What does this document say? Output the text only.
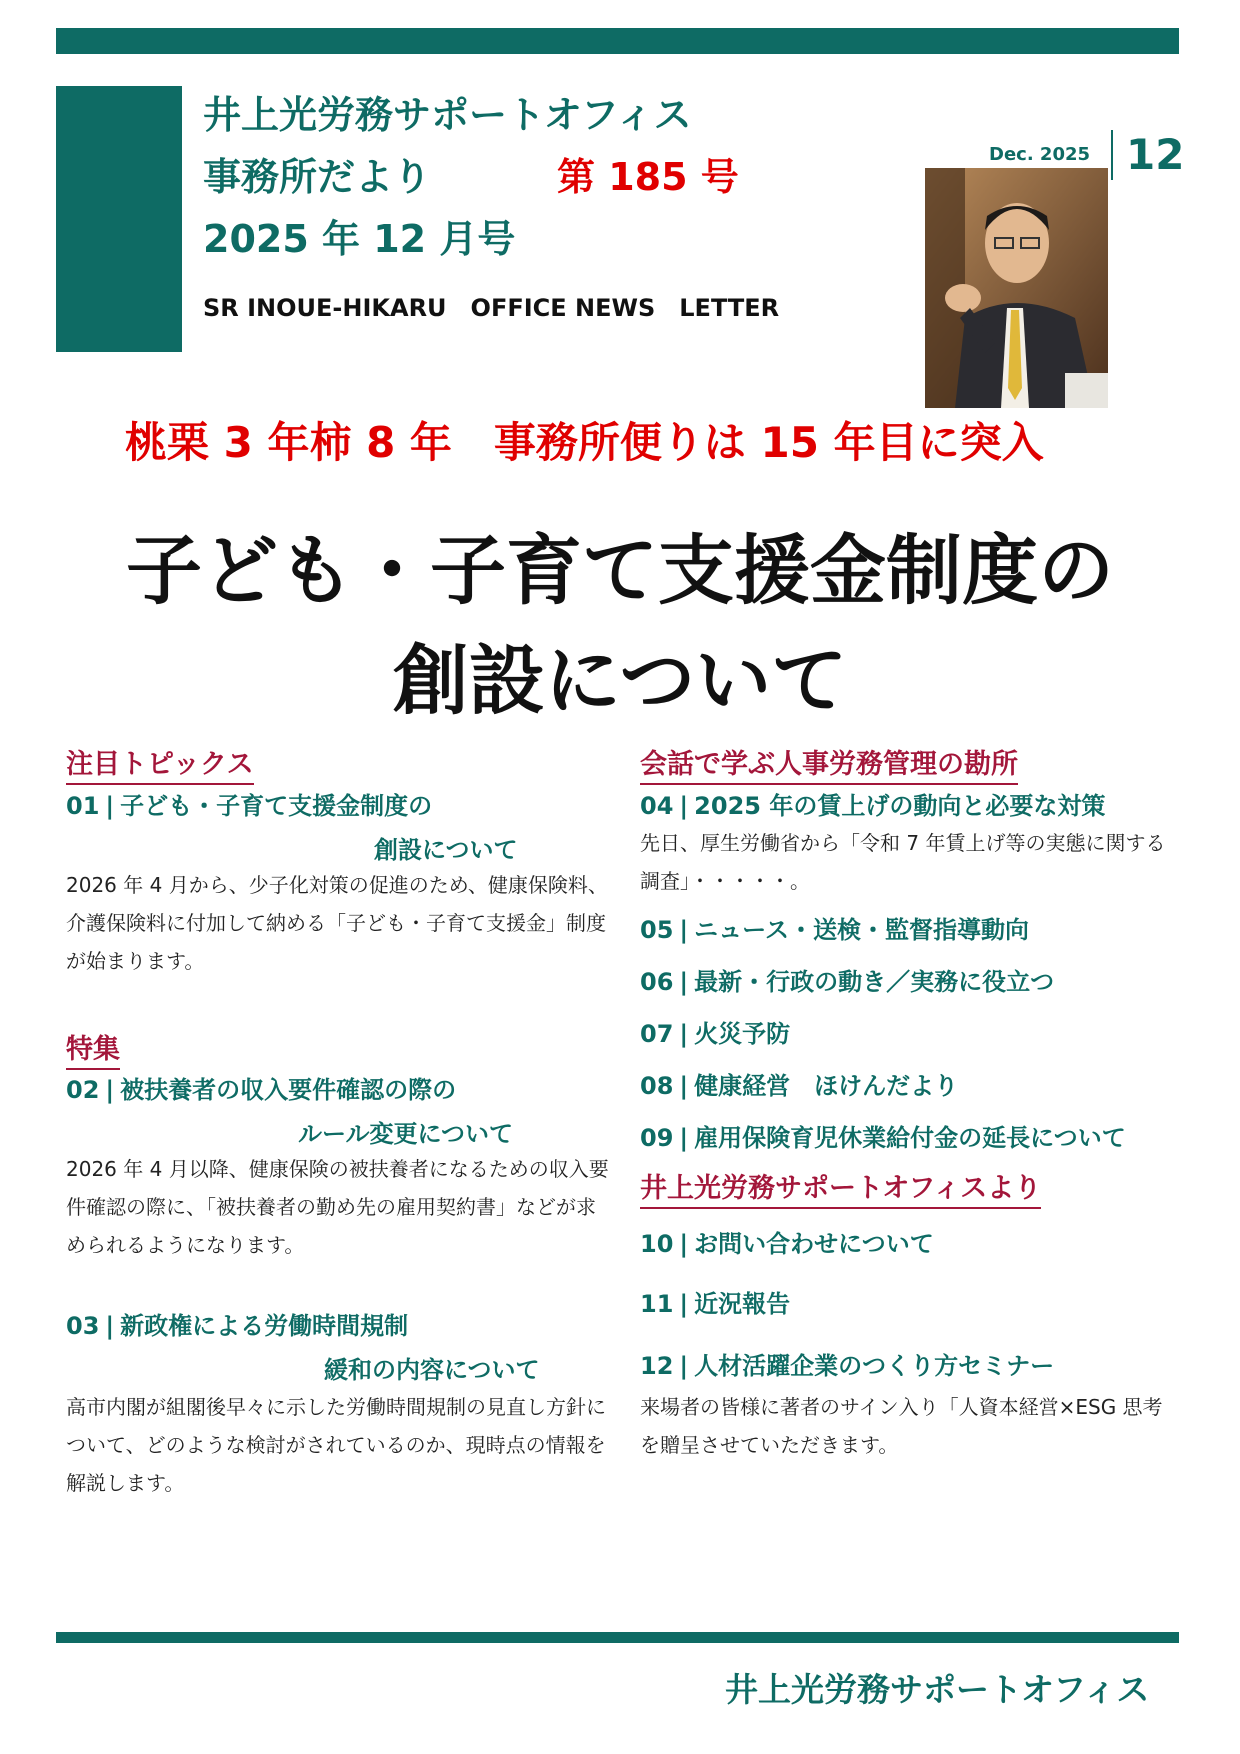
井上光労務サポートオフィス
事務所だより	第 185 号
2025 年 12 月号
SR INOUE-HIKARU　OFFICE NEWS　LETTER
Dec. 2025 12
桃栗 3 年柿 8 年　事務所便りは 15 年目に突入
子ども・子育て支援金制度の
創設について
注目トピックス
01 | 子ども・子育て支援金制度の
創設について
2026 年 4 月から、少子化対策の促進のため、健康保険料、介護保険料に付加して納める「子ども・子育て支援金」制度が始まります。
特集
02 | 被扶養者の収入要件確認の際の
ルール変更について
2026 年 4 月以降、健康保険の被扶養者になるための収入要件確認の際に、「被扶養者の勤め先の雇用契約書」などが求められるようになります。
03 | 新政権による労働時間規制
緩和の内容について
高市内閣が組閣後早々に示した労働時間規制の見直し方針について、どのような検討がされているのか、現時点の情報を解説します。
会話で学ぶ人事労務管理の勘所
04 | 2025 年の賃上げの動向と必要な対策
先日、厚生労働省から「令和 7 年賃上げ等の実態に関する調査」・・・・・。
05 | ニュース・送検・監督指導動向
06 | 最新・行政の動き／実務に役立つ
07 | 火災予防
08 | 健康経営　ほけんだより
09 | 雇用保険育児休業給付金の延長について
井上光労務サポートオフィスより
10 | お問い合わせについて
11 | 近況報告
12 | 人材活躍企業のつくり方セミナー
来場者の皆様に著者のサイン入り「人資本経営×ESG 思考を贈呈させていただきます。
井上光労務サポートオフィス
